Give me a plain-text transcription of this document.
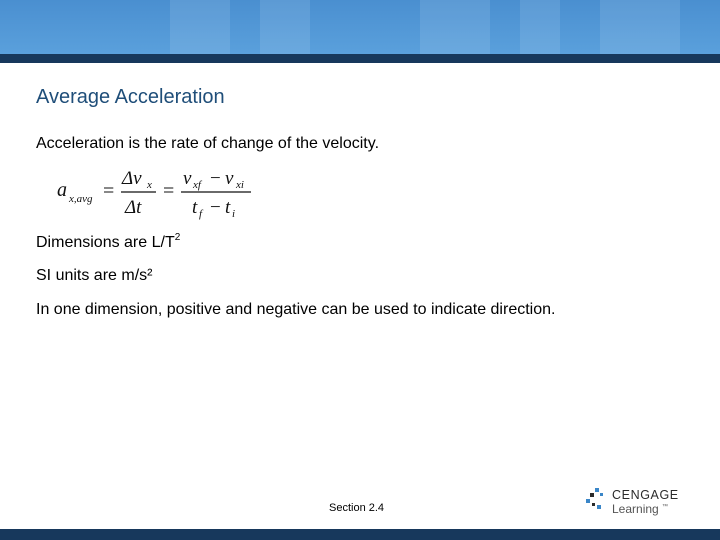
Average Acceleration
Acceleration is the rate of change of the velocity.
a x,avg =
Δv x
Δt
=
v xf − v xi
t f − t i
Dimensions are $L/T^2$
SI units are m/s²
In one dimension, positive and negative can be used to indicate direction.
Section 2.4
CENGAGE
Learning ™
